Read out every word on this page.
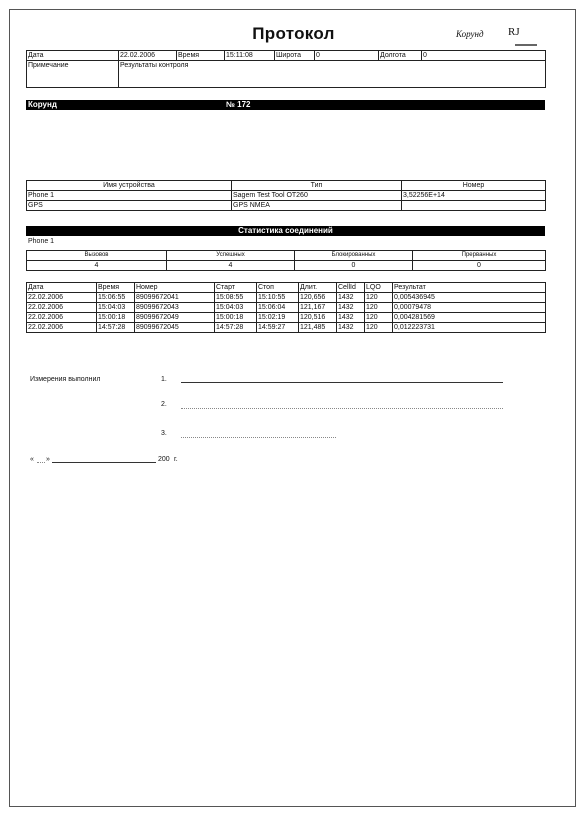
Протокол	Корунд RJ
Дата	22.02.2006	Время	15:11:08	Широта	0	Долгота	0
Примечание	Результаты контроля						
Корунд	№ 172
Имя устройства	Тип	Номер
Phone 1	Sagem Test Tool OT260	3,52256E+14
GPS	GPS NMEA	
Статистика соединений
Phone 1
Вызовов	Успешных	Блокированных	Прерванных
4	4	0	0
Дата	Время	Номер	Старт	Стоп	Длит.	CellId	LQO	Результат
22.02.2006	15:06:55	89099672041	15:08:55	15:10:55	120,656	1432	120	0,005436945
22.02.2006	15:04:03	89099672043	15:04:03	15:06:04	121,167	1432	120	0,00079478
22.02.2006	15:00:18	89099672049	15:00:18	15:02:19	120,516	1432	120	0,004281569
22.02.2006	14:57:28	89099672045	14:57:28	14:59:27	121,485	1432	120	0,012223731
Измерения выполнил	1.
2.
3.
« »	200 г.
